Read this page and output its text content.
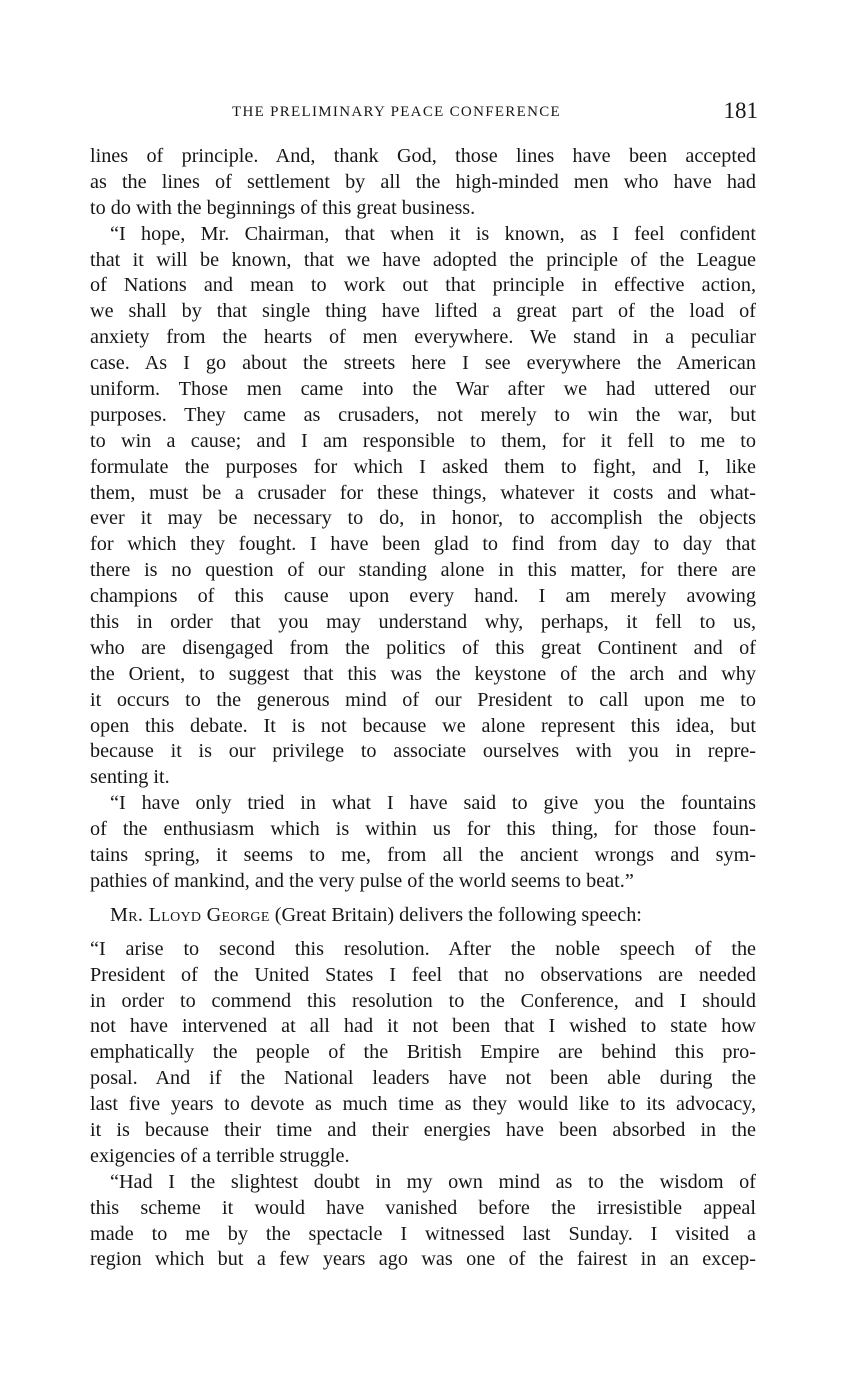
THE PRELIMINARY PEACE CONFERENCE	181
lines of principle. And, thank God, those lines have been accepted
as the lines of settlement by all the high-minded men who have had
to do with the beginnings of this great business.
“I hope, Mr. Chairman, that when it is known, as I feel confident
that it will be known, that we have adopted the principle of the League
of Nations and mean to work out that principle in effective action,
we shall by that single thing have lifted a great part of the load of
anxiety from the hearts of men everywhere. We stand in a peculiar
case. As I go about the streets here I see everywhere the American
uniform. Those men came into the War after we had uttered our
purposes. They came as crusaders, not merely to win the war, but
to win a cause; and I am responsible to them, for it fell to me to
formulate the purposes for which I asked them to fight, and I, like
them, must be a crusader for these things, whatever it costs and what-
ever it may be necessary to do, in honor, to accomplish the objects
for which they fought. I have been glad to find from day to day that
there is no question of our standing alone in this matter, for there are
champions of this cause upon every hand. I am merely avowing
this in order that you may understand why, perhaps, it fell to us,
who are disengaged from the politics of this great Continent and of
the Orient, to suggest that this was the keystone of the arch and why
it occurs to the generous mind of our President to call upon me to
open this debate. It is not because we alone represent this idea, but
because it is our privilege to associate ourselves with you in repre-
senting it.
“I have only tried in what I have said to give you the fountains
of the enthusiasm which is within us for this thing, for those foun-
tains spring, it seems to me, from all the ancient wrongs and sym-
pathies of mankind, and the very pulse of the world seems to beat.”
Mr. Lloyd George (Great Britain) delivers the following speech:
“I arise to second this resolution. After the noble speech of the
President of the United States I feel that no observations are needed
in order to commend this resolution to the Conference, and I should
not have intervened at all had it not been that I wished to state how
emphatically the people of the British Empire are behind this pro-
posal. And if the National leaders have not been able during the
last five years to devote as much time as they would like to its advocacy,
it is because their time and their energies have been absorbed in the
exigencies of a terrible struggle.
“Had I the slightest doubt in my own mind as to the wisdom of
this scheme it would have vanished before the irresistible appeal
made to me by the spectacle I witnessed last Sunday. I visited a
region which but a few years ago was one of the fairest in an excep-
